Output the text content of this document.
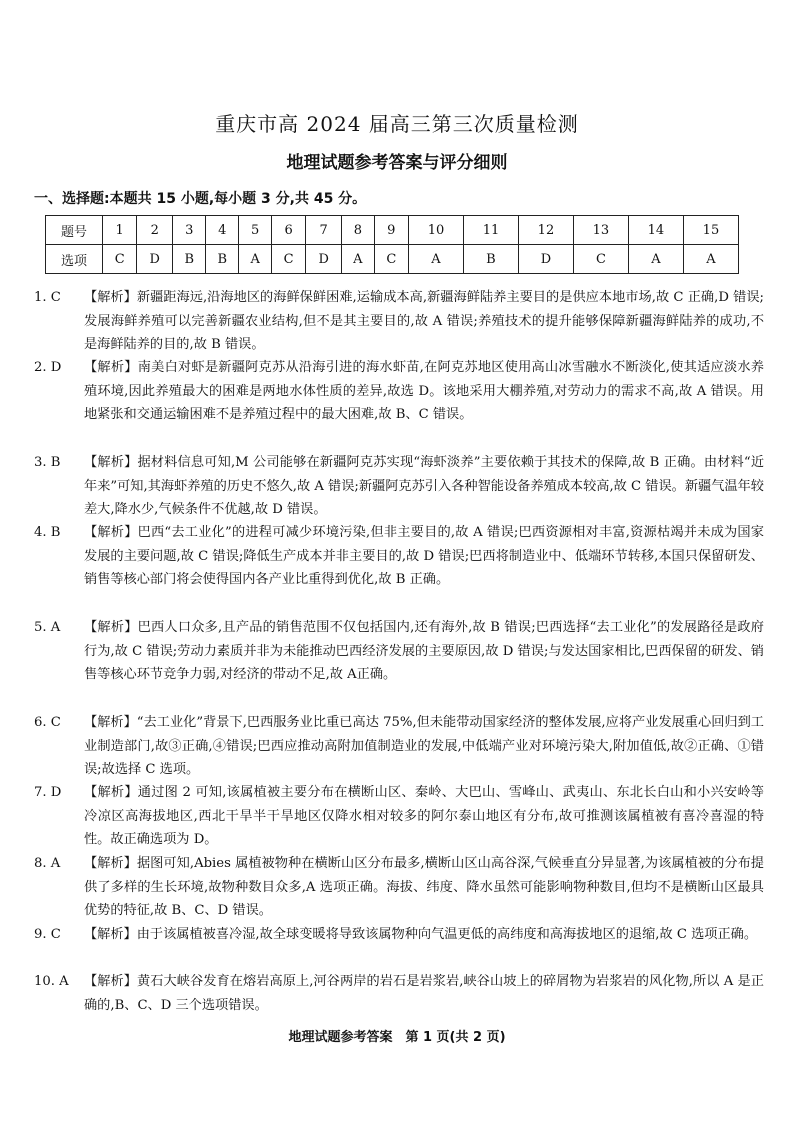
重庆市高 2024 届高三第三次质量检测
地理试题参考答案与评分细则
一、选择题:本题共 15 小题,每小题 3 分,共 45 分。
题号	1	2	3	4	5	6	7	8	9	10	11	12	13	14	15
选项	C	D	B	B	A	C	D	A	C	A	B	D	C	A	A
1. C 【解析】新疆距海远,沿海地区的海鲜保鲜困难,运输成本高,新疆海鲜陆养主要目的是供应本地市场,故 C 正确,D 错误;发展海鲜养殖可以完善新疆农业结构,但不是其主要目的,故 A 错误;养殖技术的提升能够保障新疆海鲜陆养的成功,不是海鲜陆养的目的,故 B 错误。
2. D 【解析】南美白对虾是新疆阿克苏从沿海引进的海水虾苗,在阿克苏地区使用高山冰雪融水不断淡化,使其适应淡水养殖环境,因此养殖最大的困难是两地水体性质的差异,故选 D。该地采用大棚养殖,对劳动力的需求不高,故 A 错误。用地紧张和交通运输困难不是养殖过程中的最大困难,故 B、C 错误。
3. B 【解析】据材料信息可知,M 公司能够在新疆阿克苏实现“海虾淡养”主要依赖于其技术的保障,故 B 正确。由材料“近年来”可知,其海虾养殖的历史不悠久,故 A 错误;新疆阿克苏引入各种智能设备养殖成本较高,故 C 错误。新疆气温年较差大,降水少,气候条件不优越,故 D 错误。
4. B 【解析】巴西“去工业化”的进程可减少环境污染,但非主要目的,故 A 错误;巴西资源相对丰富,资源枯竭并未成为国家发展的主要问题,故 C 错误;降低生产成本并非主要目的,故 D 错误;巴西将制造业中、低端环节转移,本国只保留研发、销售等核心部门将会使得国内各产业比重得到优化,故 B 正确。
5. A 【解析】巴西人口众多,且产品的销售范围不仅包括国内,还有海外,故 B 错误;巴西选择“去工业化”的发展路径是政府行为,故 C 错误;劳动力素质并非为未能推动巴西经济发展的主要原因,故 D 错误;与发达国家相比,巴西保留的研发、销售等核心环节竞争力弱,对经济的带动不足,故 A正确。
6. C 【解析】“去工业化”背景下,巴西服务业比重已高达 75%,但未能带动国家经济的整体发展,应将产业发展重心回归到工业制造部门,故③正确,④错误;巴西应推动高附加值制造业的发展,中低端产业对环境污染大,附加值低,故②正确、①错误;故选择 C 选项。
7. D 【解析】通过图 2 可知,该属植被主要分布在横断山区、秦岭、大巴山、雪峰山、武夷山、东北长白山和小兴安岭等冷凉区高海拔地区,西北干旱半干旱地区仅降水相对较多的阿尔泰山地区有分布,故可推测该属植被有喜冷喜湿的特性。故正确选项为 D。
8. A 【解析】据图可知,Abies 属植被物种在横断山区分布最多,横断山区山高谷深,气候垂直分异显著,为该属植被的分布提供了多样的生长环境,故物种数目众多,A 选项正确。海拔、纬度、降水虽然可能影响物种数目,但均不是横断山区最具优势的特征,故 B、C、D 错误。
9. C 【解析】由于该属植被喜冷湿,故全球变暖将导致该属物种向气温更低的高纬度和高海拔地区的退缩,故 C 选项正确。
10. A 【解析】黄石大峡谷发育在熔岩高原上,河谷两岸的岩石是岩浆岩,峡谷山坡上的碎屑物为岩浆岩的风化物,所以 A 是正确的,B、C、D 三个选项错误。
地理试题参考答案　第 1 页(共 2 页)
